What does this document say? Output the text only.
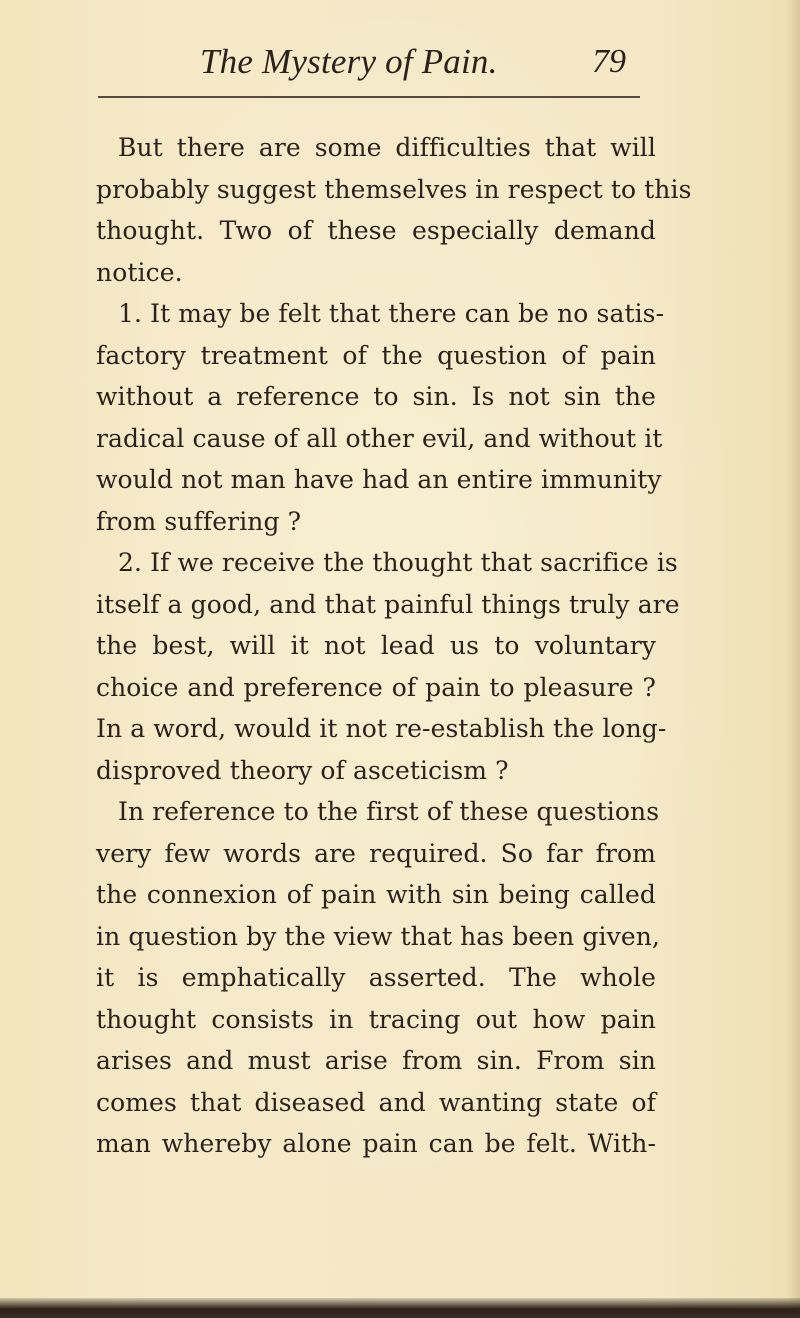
The Mystery of Pain.	79
But there are some difficulties that will
probably suggest themselves in respect to this
thought. Two of these especially demand
notice.
1. It may be felt that there can be no satis-
factory treatment of the question of pain
without a reference to sin. Is not sin the
radical cause of all other evil, and without it
would not man have had an entire immunity
from suffering ?
2. If we receive the thought that sacrifice is
itself a good, and that painful things truly are
the best, will it not lead us to voluntary
choice and preference of pain to pleasure ?
In a word, would it not re-establish the long-
disproved theory of asceticism ?
In reference to the first of these questions
very few words are required. So far from
the connexion of pain with sin being called
in question by the view that has been given,
it is emphatically asserted. The whole
thought consists in tracing out how pain
arises and must arise from sin. From sin
comes that diseased and wanting state of
man whereby alone pain can be felt. With-
